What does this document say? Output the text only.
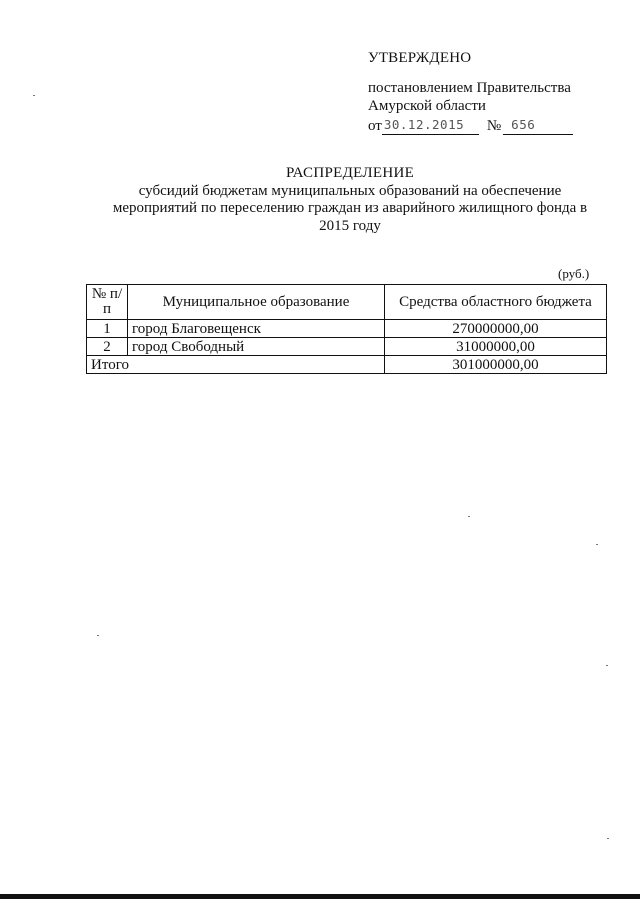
УТВЕРЖДЕНО
постановлением Правительства
Амурской области
от 30.12.2015	№ 656
РАСПРЕДЕЛЕНИЕ
субсидий бюджетам муниципальных образований на обеспечение
мероприятий по переселению граждан из аварийного жилищного фонда в
2015 году
(руб.)
№ п/п	Муниципальное образование	Средства областного бюджета
1	город Благовещенск	270000000,00
2	город Свободный	31000000,00
Итого		301000000,00
